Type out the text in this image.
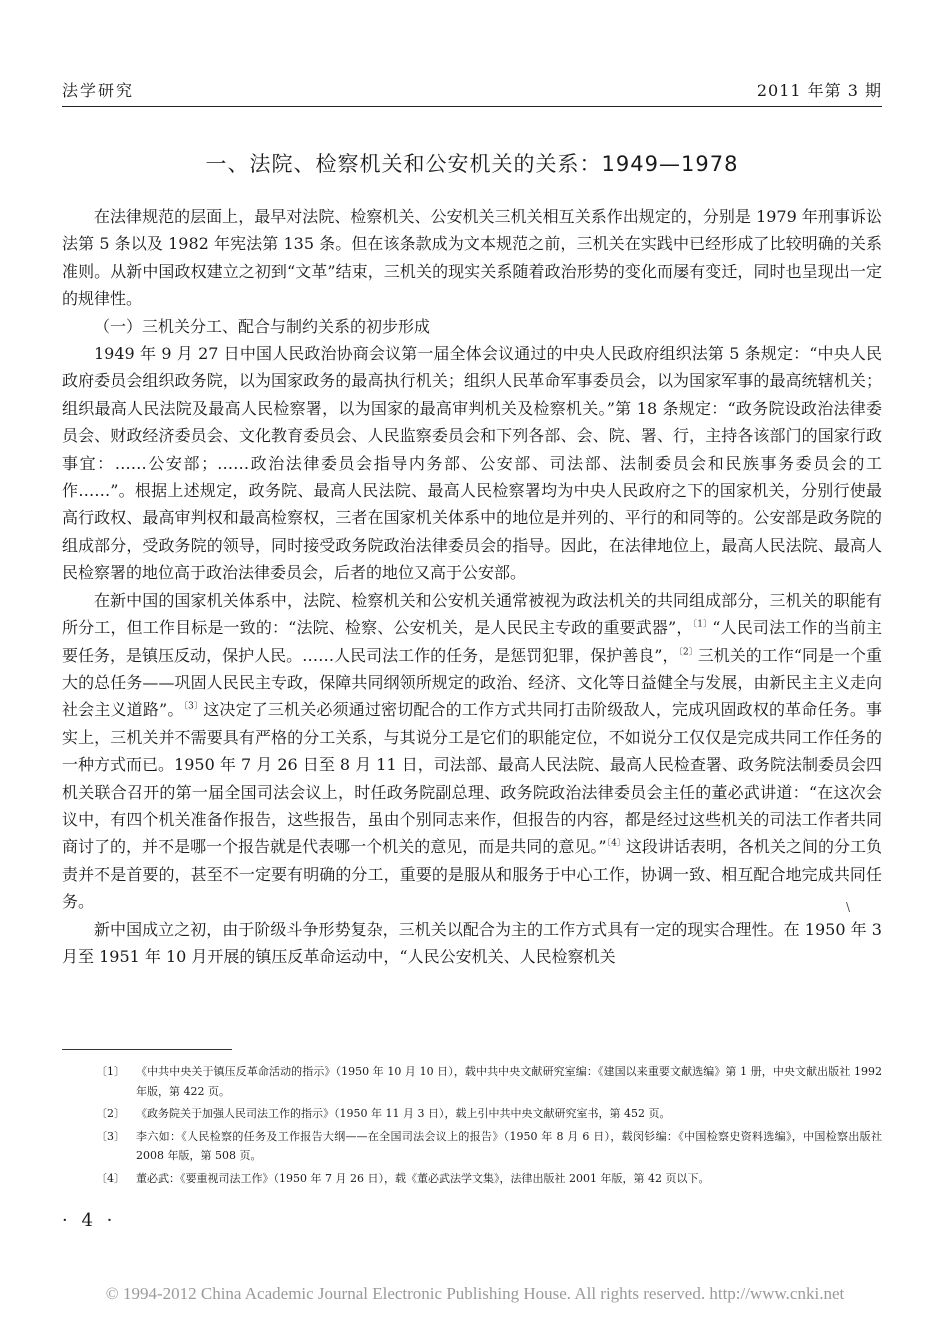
法学研究	2011 年第 3 期
一、法院、检察机关和公安机关的关系：1949—1978

在法律规范的层面上，最早对法院、检察机关、公安机关三机关相互关系作出规定的，分别是 1979 年刑事诉讼法第 5 条以及 1982 年宪法第 135 条。但在该条款成为文本规范之前，三机关在实践中已经形成了比较明确的关系准则。从新中国政权建立之初到“文革”结束，三机关的现实关系随着政治形势的变化而屡有变迁，同时也呈现出一定的规律性。

（一）三机关分工、配合与制约关系的初步形成

1949 年 9 月 27 日中国人民政治协商会议第一届全体会议通过的中央人民政府组织法第 5 条规定：“中央人民政府委员会组织政务院，以为国家政务的最高执行机关；组织人民革命军事委员会，以为国家军事的最高统辖机关；组织最高人民法院及最高人民检察署，以为国家的最高审判机关及检察机关。”第 18 条规定：“政务院设政治法律委员会、财政经济委员会、文化教育委员会、人民监察委员会和下列各部、会、院、署、行，主持各该部门的国家行政事宜：……公安部；……政治法律委员会指导内务部、公安部、司法部、法制委员会和民族事务委员会的工作……”。根据上述规定，政务院、最高人民法院、最高人民检察署均为中央人民政府之下的国家机关，分别行使最高行政权、最高审判权和最高检察权，三者在国家机关体系中的地位是并列的、平行的和同等的。公安部是政务院的组成部分，受政务院的领导，同时接受政务院政治法律委员会的指导。因此，在法律地位上，最高人民法院、最高人民检察署的地位高于政治法律委员会，后者的地位又高于公安部。

在新中国的国家机关体系中，法院、检察机关和公安机关通常被视为政法机关的共同组成部分，三机关的职能有所分工，但工作目标是一致的：“法院、检察、公安机关，是人民民主专政的重要武器”，$^{〔1〕}$“人民司法工作的当前主要任务，是镇压反动，保护人民。……人民司法工作的任务，是惩罚犯罪，保护善良”，$^{〔2〕}$三机关的工作“同是一个重大的总任务——巩固人民民主专政，保障共同纲领所规定的政治、经济、文化等日益健全与发展，由新民主主义走向社会主义道路”。$^{〔3〕}$这决定了三机关必须通过密切配合的工作方式共同打击阶级敌人，完成巩固政权的革命任务。事实上，三机关并不需要具有严格的分工关系，与其说分工是它们的职能定位，不如说分工仅仅是完成共同工作任务的一种方式而已。1950 年 7 月 26 日至 8 月 11 日，司法部、最高人民法院、最高人民检查署、政务院法制委员会四机关联合召开的第一届全国司法会议上，时任政务院副总理、政务院政治法律委员会主任的董必武讲道：“在这次会议中，有四个机关准备作报告，这些报告，虽由个别同志来作，但报告的内容，都是经过这些机关的司法工作者共同商讨了的，并不是哪一个报告就是代表哪一个机关的意见，而是共同的意见。”$^{〔4〕}$这段讲话表明，各机关之间的分工负责并不是首要的，甚至不一定要有明确的分工，重要的是服从和服务于中心工作，协调一致、相互配合地完成共同任务。

新中国成立之初，由于阶级斗争形势复杂，三机关以配合为主的工作方式具有一定的现实合理性。在 1950 年 3 月至 1951 年 10 月开展的镇压反革命运动中，“人民公安机关、人民检察机关

\

〔1〕 《中共中央关于镇压反革命活动的指示》（1950 年 10 月 10 日），载中共中央文献研究室编：《建国以来重要文献选编》第 1 册，中央文献出版社 1992 年版，第 422 页。

〔2〕 《政务院关于加强人民司法工作的指示》（1950 年 11 月 3 日），载上引中共中央文献研究室书，第 452 页。

〔3〕 李六如：《人民检察的任务及工作报告大纲——在全国司法会议上的报告》（1950 年 8 月 6 日），载闵钐编：《中国检察史资料选编》，中国检察出版社 2008 年版，第 508 页。

〔4〕 董必武：《要重视司法工作》（1950 年 7 月 26 日），载《董必武法学文集》，法律出版社 2001 年版，第 42 页以下。

· 4 ·
© 1994-2012 China Academic Journal Electronic Publishing House. All rights reserved. http://www.cnki.net
